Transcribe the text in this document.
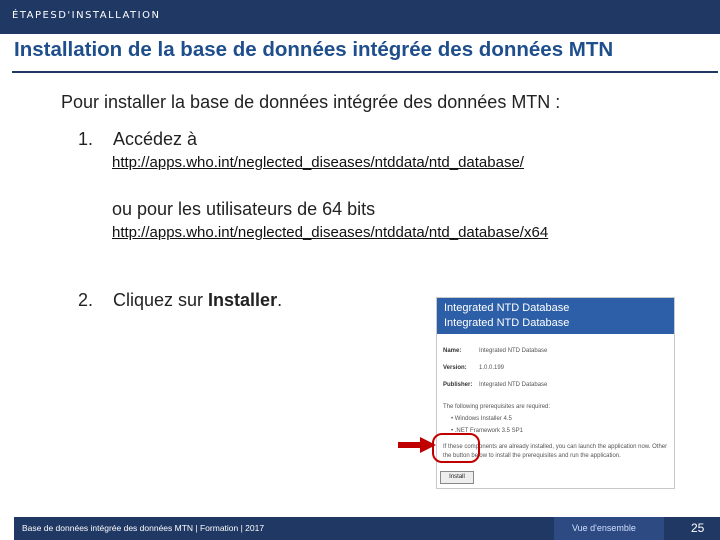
ÉTAPESD'INSTALLATION
Installation de la base de données intégrée des données MTN
Pour installer la base de données intégrée des données MTN :
1. Accédez à
http://apps.who.int/neglected_diseases/ntddata/ntd_database/
ou pour les utilisateurs de 64 bits
http://apps.who.int/neglected_diseases/ntddata/ntd_database/x64
2. Cliquez sur Installer.	Integrated NTD Database
Integrated NTD Database
Name:	Integrated NTD Database
Version: 1.0.0.199
Publisher: Integrated NTD Database
The following prerequisites are required:
• Windows Installer 4.5
• .NET Framework 3.5 SP1
If these components are already installed, you can launch the application now. Other
the button below to install the prerequisites and run the application.
Install
Base de données intégrée des données MTN | Formation | 2017	Vue d'ensemble	25
